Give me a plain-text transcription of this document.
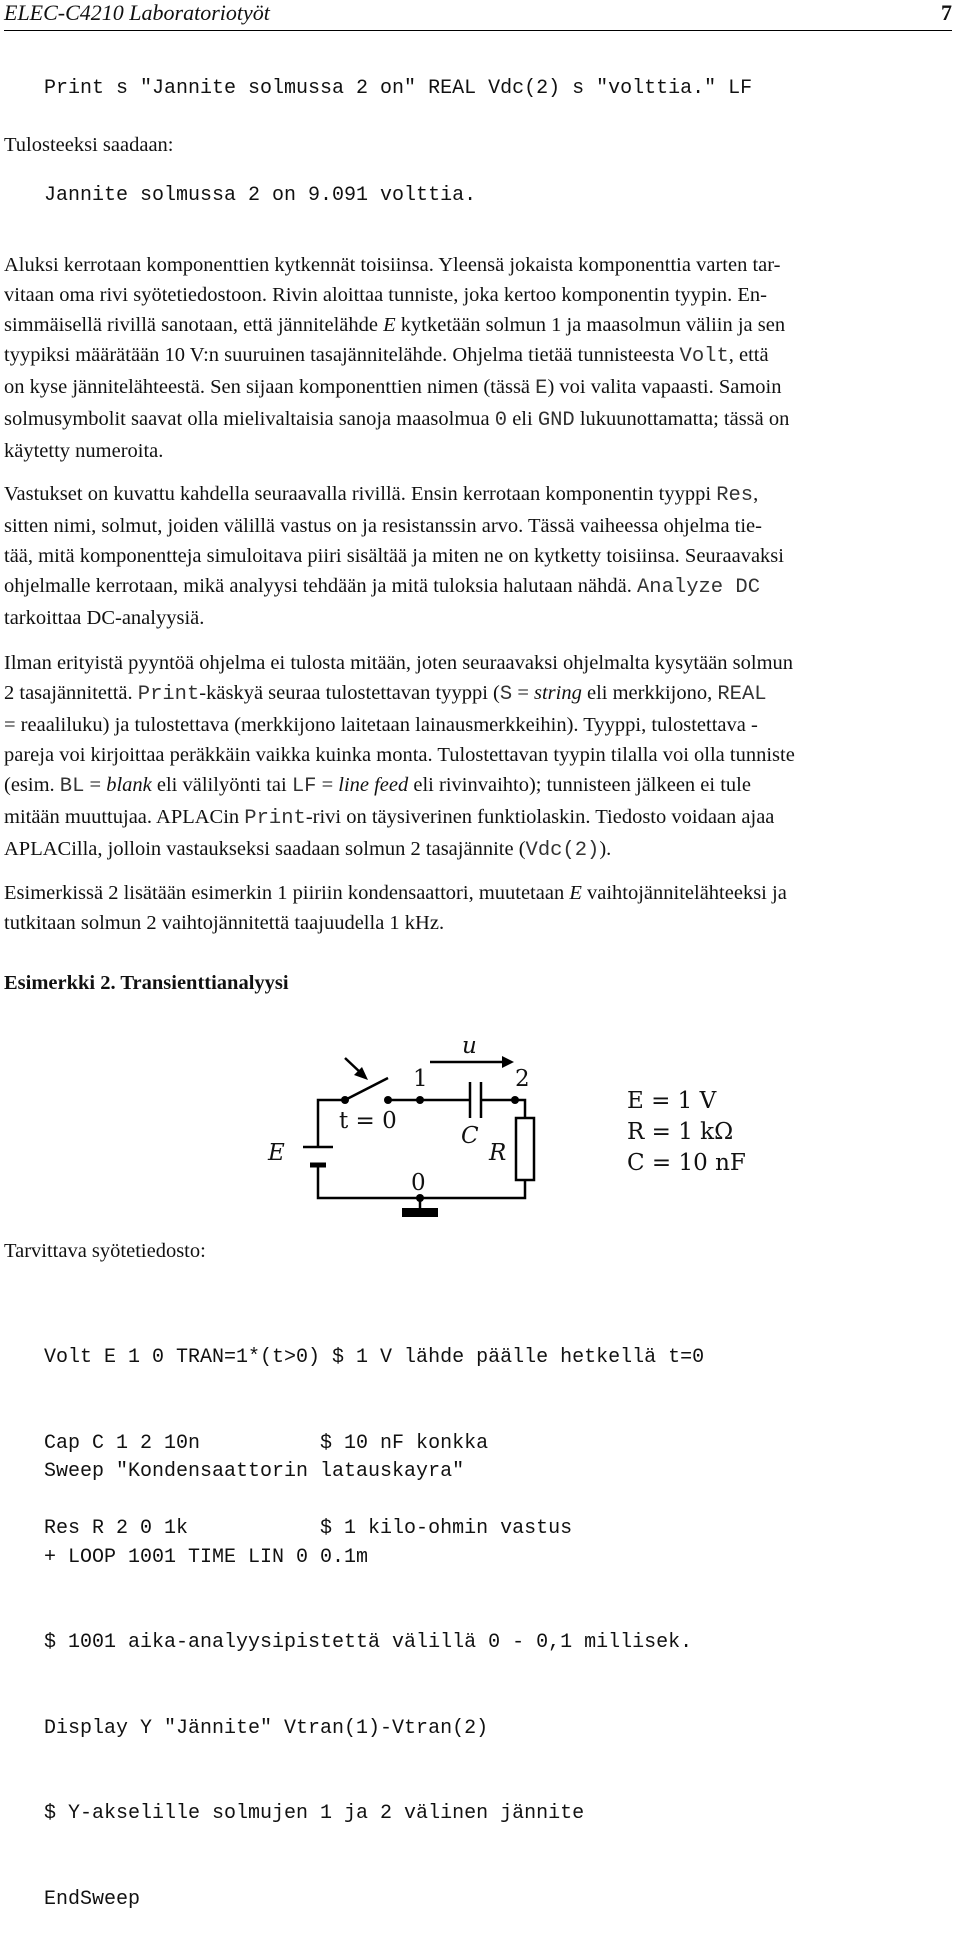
ELEC-C4210 Laboratoriotyöt	7
Print s "Jannite solmussa 2 on" REAL Vdc(2) s "volttia." LF
Tulosteeksi saadaan:
Jannite solmussa 2 on 9.091 volttia.
Aluksi kerrotaan komponenttien kytkennät toisiinsa. Yleensä jokaista komponenttia varten tar-
vitaan oma rivi syötetiedostoon. Rivin aloittaa tunniste, joka kertoo komponentin tyypin. En-
simmäisellä rivillä sanotaan, että jännitelähde E kytketään solmun 1 ja maasolmun väliin ja sen
tyypiksi määrätään 10 V:n suuruinen tasajännitelähde. Ohjelma tietää tunnisteesta Volt, että
on kyse jännitelähteestä. Sen sijaan komponenttien nimen (tässä E) voi valita vapaasti. Samoin
solmusymbolit saavat olla mielivaltaisia sanoja maasolmua 0 eli GND lukuunottamatta; tässä on
käytetty numeroita.
Vastukset on kuvattu kahdella seuraavalla rivillä. Ensin kerrotaan komponentin tyyppi Res,
sitten nimi, solmut, joiden välillä vastus on ja resistanssin arvo. Tässä vaiheessa ohjelma tie-
tää, mitä komponentteja simuloitava piiri sisältää ja miten ne on kytketty toisiinsa. Seuraavaksi
ohjelmalle kerrotaan, mikä analyysi tehdään ja mitä tuloksia halutaan nähdä. Analyze DC
tarkoittaa DC-analyysiä.
Ilman erityistä pyyntöä ohjelma ei tulosta mitään, joten seuraavaksi ohjelmalta kysytään solmun
2 tasajännitettä. Print-käskyä seuraa tulostettavan tyyppi (S = string eli merkkijono, REAL
= reaaliluku) ja tulostettava (merkkijono laitetaan lainausmerkkeihin). Tyyppi, tulostettava -
pareja voi kirjoittaa peräkkäin vaikka kuinka monta. Tulostettavan tyypin tilalla voi olla tunniste
(esim. BL = blank eli välilyönti tai LF = line feed eli rivinvaihto); tunnisteen jälkeen ei tule
mitään muuttujaa. APLACin Print-rivi on täysiverinen funktiolaskin. Tiedosto voidaan ajaa
APLACilla, jolloin vastaukseksi saadaan solmun 2 tasajännite (Vdc(2)).
Esimerkissä 2 lisätään esimerkin 1 piiriin kondensaattori, muutetaan E vaihtojännitelähteeksi ja
tutkitaan solmun 2 vaihtojännitettä taajuudella 1 kHz.
Esimerkki 2. Transienttianalyysi
u
1	2
t = 0
E
C
R
0
E = 1 V
R = 1 kΩ
C = 10 nF
Tarvittava syötetiedosto:

Volt E 1 0 TRAN=1*(t>0) $ 1 V lähde päälle hetkellä t=0

Cap C 1 2 10n          $ 10 nF konkka

Res R 2 0 1k           $ 1 kilo-ohmin vastus

Sweep "Kondensaattorin latauskayra"

+ LOOP 1001 TIME LIN 0 0.1m

$ 1001 aika-analyysipistettä välillä 0 - 0,1 millisek.

Display Y "Jännite" Vtran(1)-Vtran(2)

$ Y-akselille solmujen 1 ja 2 välinen jännite

EndSweep
